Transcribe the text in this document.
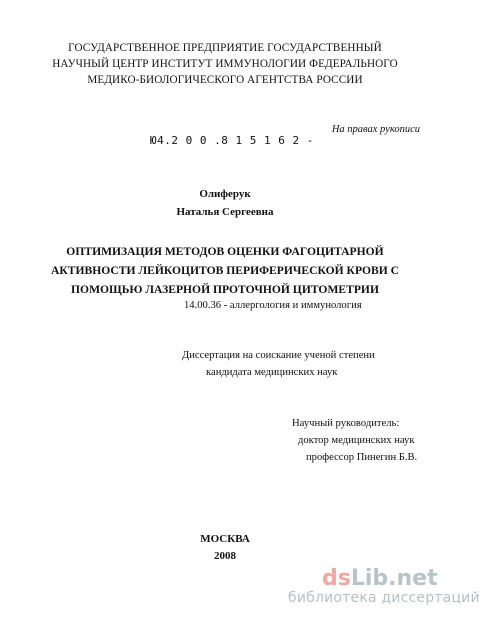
ГОСУДАРСТВЕННОЕ ПРЕДПРИЯТИЕ ГОСУДАРСТВЕННЫЙ
НАУЧНЫЙ ЦЕНТР ИНСТИТУТ ИММУНОЛОГИИ ФЕДЕРАЛЬНОГО
МЕДИКО-БИОЛОГИЧЕСКОГО АГЕНТСТВА РОССИИ
На правах рукописи
Ю4.2 0 0 .8 1 5 1 6 2 -
Олиферук
Наталья Сергеевна
ОПТИМИЗАЦИЯ МЕТОДОВ ОЦЕНКИ ФАГОЦИТАРНОЙ
АКТИВНОСТИ ЛЕЙКОЦИТОВ ПЕРИФЕРИЧЕСКОЙ КРОВИ С
ПОМОЩЬЮ ЛАЗЕРНОЙ ПРОТОЧНОЙ ЦИТОМЕТРИИ
14.00.36 - аллергология и иммунология
Диссертация на соискание ученой степени
кандидата медицинских наук
Научный руководитель:
доктор медицинских наук
профессор Пинегин Б.В.
МОСКВА
2008
dsLib.net
библиотека диссертаций
